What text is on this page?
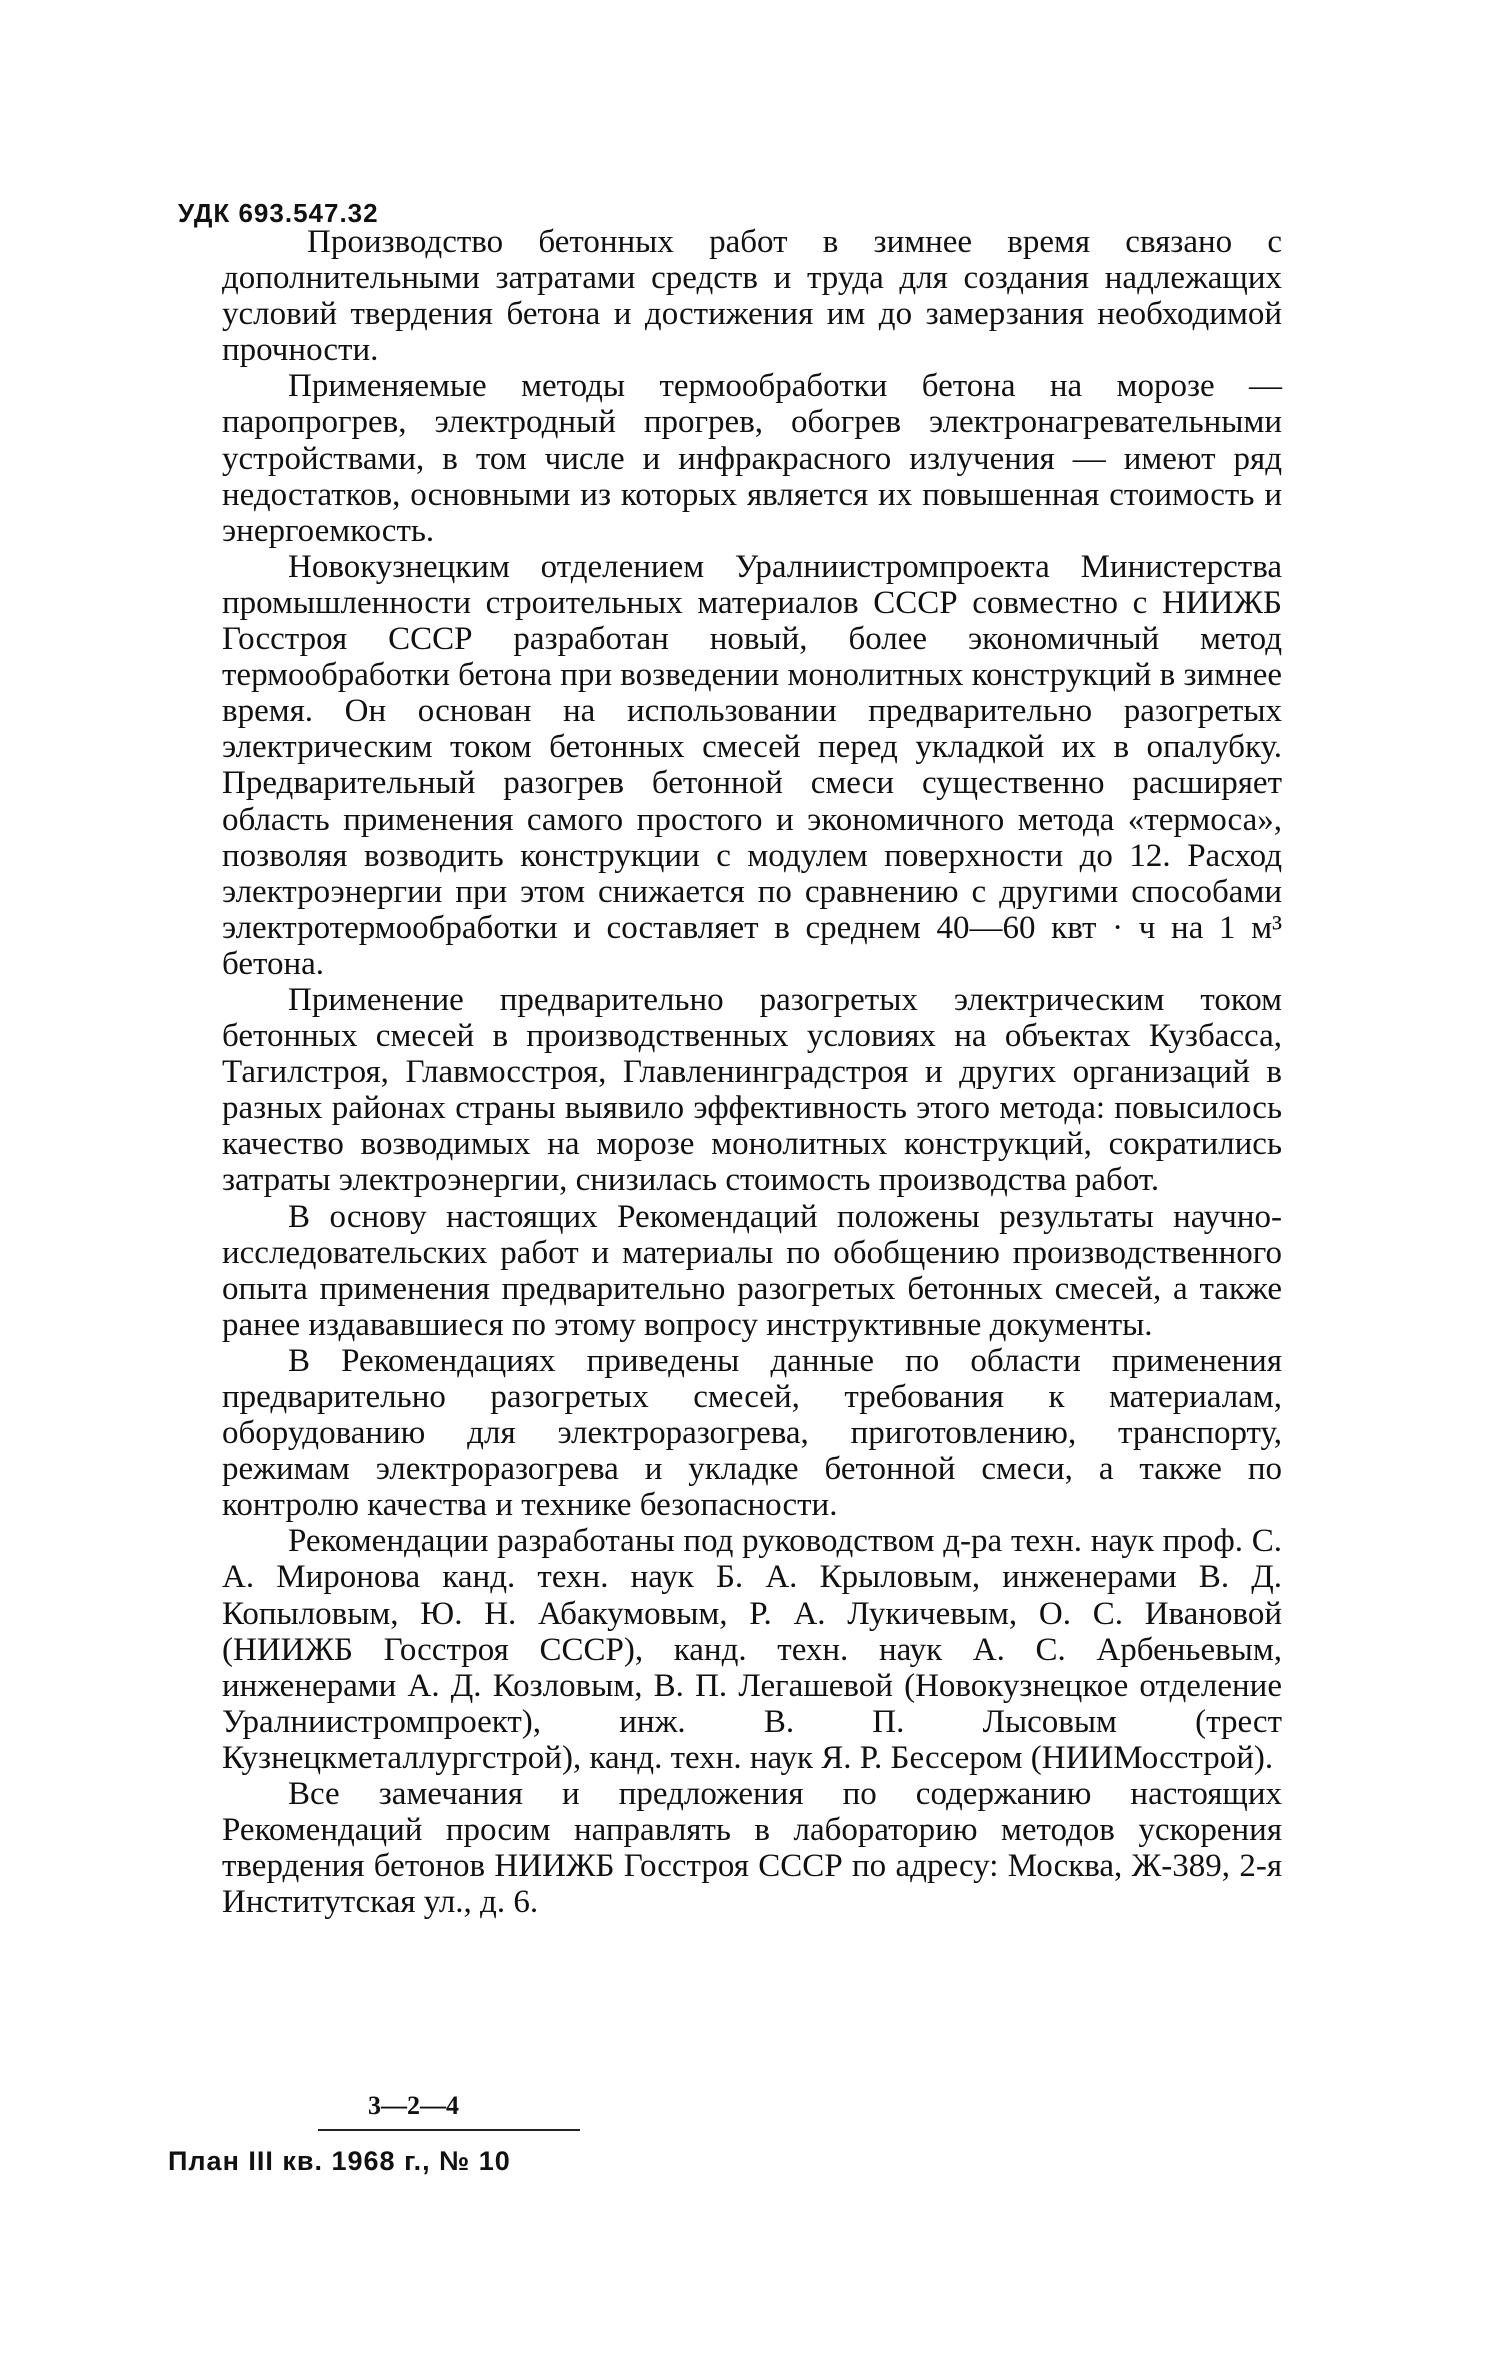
УДК 693.547.32

Производство бетонных работ в зимнее время связано с дополнительными затратами средств и труда для создания надлежащих условий твердения бетона и достижения им до замерзания необходимой прочности.

Применяемые методы термообработки бетона на морозе — паропрогрев, электродный прогрев, обогрев электронагревательными устройствами, в том числе и инфракрасного излучения — имеют ряд недостатков, основными из которых является их повышенная стоимость и энергоемкость.

Новокузнецким отделением Уралниистромпроекта Министерства промышленности строительных материалов СССР совместно с НИИЖБ Госстроя СССР разработан новый, более экономичный метод термообработки бетона при возведении монолитных конструкций в зимнее время. Он основан на использовании предварительно разогретых электрическим током бетонных смесей перед укладкой их в опалубку. Предварительный разогрев бетонной смеси существенно расширяет область применения самого простого и экономичного метода «термоса», позволяя возводить конструкции с модулем поверхности до 12. Расход электроэнергии при этом снижается по сравнению с другими способами электротермообработки и составляет в среднем 40—60 квт · ч на 1 м³ бетона.

Применение предварительно разогретых электрическим током бетонных смесей в производственных условиях на объектах Кузбасса, Тагилстроя, Главмосстроя, Главленинградстроя и других организаций в разных районах страны выявило эффективность этого метода: повысилось качество возводимых на морозе монолитных конструкций, сократились затраты электроэнергии, снизилась стоимость производства работ.

В основу настоящих Рекомендаций положены результаты научно-исследовательских работ и материалы по обобщению производственного опыта применения предварительно разогретых бетонных смесей, а также ранее издававшиеся по этому вопросу инструктивные документы.

В Рекомендациях приведены данные по области применения предварительно разогретых смесей, требования к материалам, оборудованию для электроразогрева, приготовлению, транспорту, режимам электроразогрева и укладке бетонной смеси, а также по контролю качества и технике безопасности.

Рекомендации разработаны под руководством д-ра техн. наук проф. С. А. Миронова канд. техн. наук Б. А. Крыловым, инженерами В. Д. Копыловым, Ю. Н. Абакумовым, Р. А. Лукичевым, О. С. Ивановой (НИИЖБ Госстроя СССР), канд. техн. наук А. С. Арбеньевым, инженерами А. Д. Козловым, В. П. Легашевой (Новокузнецкое отделение Уралниистромпроект), инж. В. П. Лысовым (трест Кузнецкметаллургстрой), канд. техн. наук Я. Р. Бессером (НИИМосстрой).

Все замечания и предложения по содержанию настоящих Рекомендаций просим направлять в лабораторию методов ускорения твердения бетонов НИИЖБ Госстроя СССР по адресу: Москва, Ж-389, 2-я Институтская ул., д. 6.

3—2—4
План III кв. 1968 г., № 10
